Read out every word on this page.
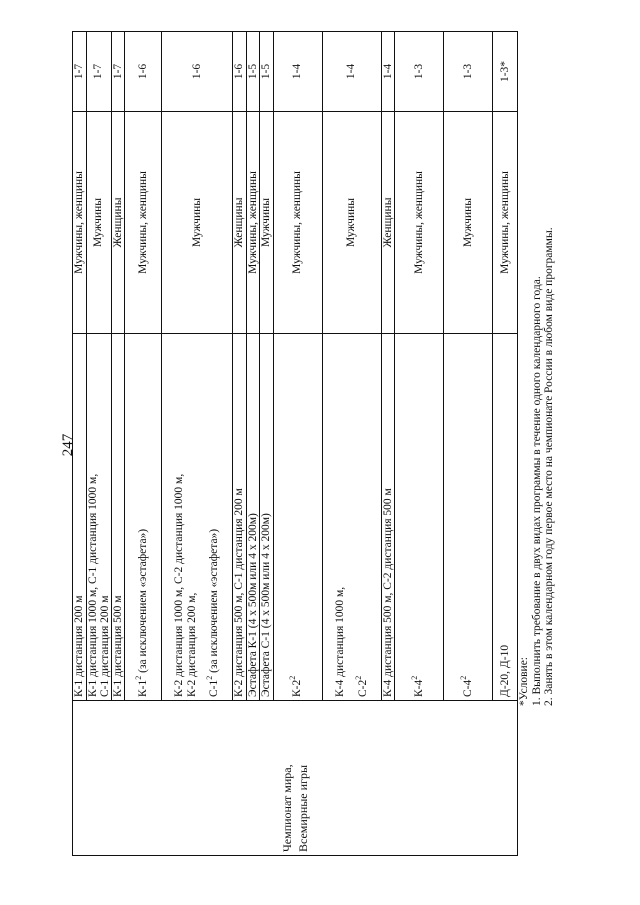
247
Чемпионат мира, Всемирные игры	К-1 дистанция 200 м	Мужчины, женщины	1-7

	К-1 дистанция 1000 м, С-1 дистанция 1000 м, С-1 дистанция 200 м	Мужчины	1-7
	К-1 дистанция 500 м	Женщины	1-7
	$К-1^2$ (за исключением «эстафета»)	Мужчины, женщины	1-6

	К-2 дистанция 1000 м, С-2 дистанция 1000 м, К-2 дистанция 200 м, $С-1^2$ (за исключением «эстафета»)	Мужчины	1-6
	К-2 дистанция 500 м, С-1 дистанция 200 м	Женщины	1-6
	Эстафета К-1 (4 х 500м или 4 х 200м)	Мужчины, женщины	1-5
	Эстафета С-1 (4 х 500м или 4 х 200м)	Мужчины	1-5
	$К-2^2$	Мужчины, женщины	1-4

	К-4 дистанция 1000 м, $С-2^2$	Мужчины	1-4
	К-4 дистанция 500 м, С-2 дистанция 500 м	Женщины	1-4
	$К-4^2$	Мужчины, женщины	1-3
	$С-4^2$	Мужчины	1-3
	Д-20, Д-10	Мужчины, женщины	1-3*
*Условие: 1. Выполнить требование в двух видах программы в течение одного календарного года. 2. Занять в этом календарном году первое место на чемпионате России в любом виде программы.
